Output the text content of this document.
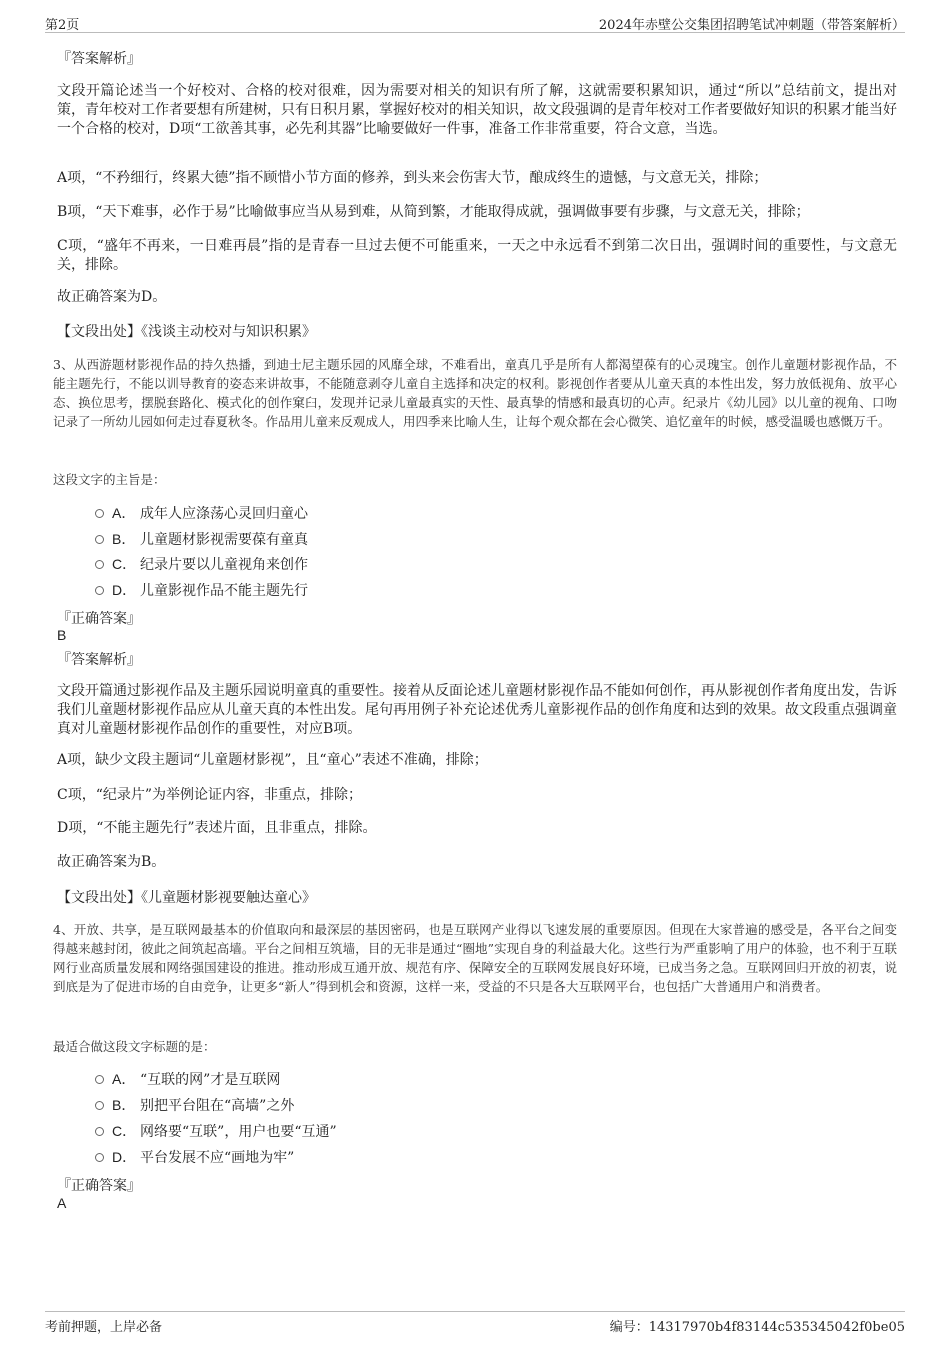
第2页	2024年赤壁公交集团招聘笔试冲刺题（带答案解析）
『答案解析』
文段开篇论述当一个好校对、合格的校对很难，因为需要对相关的知识有所了解，这就需要积累知识，通过“所以”总结前文，提出对策，青年校对工作者要想有所建树，只有日积月累，掌握好校对的相关知识，故文段强调的是青年校对工作者要做好知识的积累才能当好一个合格的校对，D项“工欲善其事，必先利其器”比喻要做好一件事，准备工作非常重要，符合文意，当选。
A项，“不矜细行，终累大德”指不顾惜小节方面的修养，到头来会伤害大节，酿成终生的遗憾，与文意无关，排除；
B项，“天下难事，必作于易”比喻做事应当从易到难，从简到繁，才能取得成就，强调做事要有步骤，与文意无关，排除；
C项，“盛年不再来，一日难再晨”指的是青春一旦过去便不可能重来，一天之中永远看不到第二次日出，强调时间的重要性，与文意无关，排除。
故正确答案为D。
【文段出处】《浅谈主动校对与知识积累》
3、从西游题材影视作品的持久热播，到迪士尼主题乐园的风靡全球，不难看出，童真几乎是所有人都渴望葆有的心灵瑰宝。创作儿童题材影视作品，不能主题先行，不能以训导教育的姿态来讲故事，不能随意剥夺儿童自主选择和决定的权利。影视创作者要从儿童天真的本性出发，努力放低视角、放平心态、换位思考，摆脱套路化、模式化的创作窠臼，发现并记录儿童最真实的天性、最真挚的情感和最真切的心声。纪录片《幼儿园》以儿童的视角、口吻记录了一所幼儿园如何走过春夏秋冬。作品用儿童来反观成人，用四季来比喻人生，让每个观众都在会心微笑、追忆童年的时候，感受温暖也感慨万千。
这段文字的主旨是：
A． 成年人应涤荡心灵回归童心
B． 儿童题材影视需要葆有童真
C． 纪录片要以儿童视角来创作
D． 儿童影视作品不能主题先行
『正确答案』
B
『答案解析』
文段开篇通过影视作品及主题乐园说明童真的重要性。接着从反面论述儿童题材影视作品不能如何创作，再从影视创作者角度出发，告诉我们儿童题材影视作品应从儿童天真的本性出发。尾句再用例子补充论述优秀儿童影视作品的创作角度和达到的效果。故文段重点强调童真对儿童题材影视作品创作的重要性，对应B项。
A项，缺少文段主题词“儿童题材影视”，且“童心”表述不准确，排除；
C项，“纪录片”为举例论证内容，非重点，排除；
D项，“不能主题先行”表述片面，且非重点，排除。
故正确答案为B。
【文段出处】《儿童题材影视要触达童心》
4、开放、共享，是互联网最基本的价值取向和最深层的基因密码，也是互联网产业得以飞速发展的重要原因。但现在大家普遍的感受是，各平台之间变得越来越封闭，彼此之间筑起高墙。平台之间相互筑墙，目的无非是通过“圈地”实现自身的利益最大化。这些行为严重影响了用户的体验，也不利于互联网行业高质量发展和网络强国建设的推进。推动形成互通开放、规范有序、保障安全的互联网发展良好环境，已成当务之急。互联网回归开放的初衷，说到底是为了促进市场的自由竞争，让更多“新人”得到机会和资源，这样一来，受益的不只是各大互联网平台，也包括广大普通用户和消费者。
最适合做这段文字标题的是：
A． “互联的网”才是互联网
B． 别把平台阻在“高墙”之外
C． 网络要“互联”，用户也要“互通”
D． 平台发展不应“画地为牢”
『正确答案』
A
考前押题，上岸必备	编号：14317970b4f83144c535345042f0be05
